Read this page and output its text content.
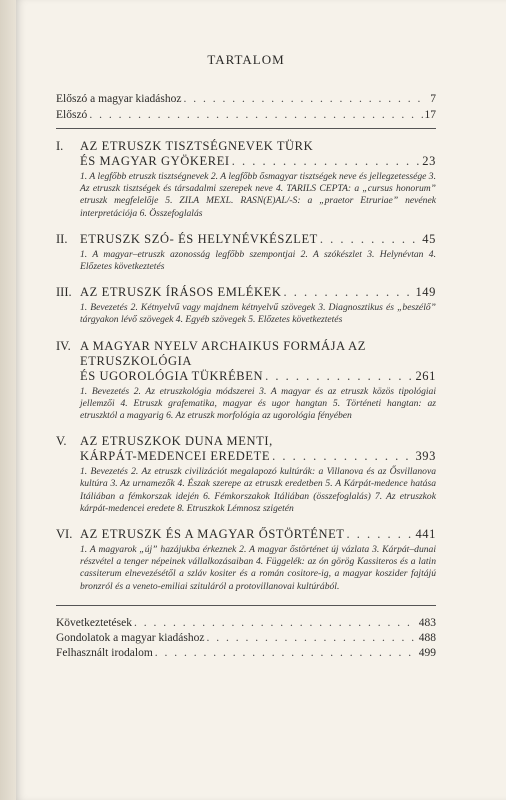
TARTALOM
Előszó a magyar kiadáshoz . . .	7
Előszó . . .	17
I.	AZ ETRUSZK TISZTSÉGNEVEK TÜRK
ÉS MAGYAR GYÖKEREI . . .	23
1. A legfőbb etruszk tisztségnevek 2. A legfőbb ősmagyar tisztségek neve és jellegzetessége 3. Az etruszk tisztségek és társadalmi szerepek neve 4. TARILS CEPTA: a „cursus honorum” etruszk megfelelője 5. ZILA MEXL. RASN(E)AL/-S: a „praetor Etruriae” nevének interpretációja 6. Összefoglalás
II.	ETRUSZK SZÓ- ÉS HELYNÉVKÉSZLET . . .	45
1. A magyar–etruszk azonosság legfőbb szempontjai 2. A szókészlet 3. Helynévtan 4. Előzetes következtetés
III. AZ ETRUSZK ÍRÁSOS EMLÉKEK . . .	149
1. Bevezetés 2. Kétnyelvű vagy majdnem kétnyelvű szövegek 3. Diagnosztikus és „beszélő” tárgyakon lévő szövegek 4. Egyéb szövegek 5. Előzetes következtetés
IV. A MAGYAR NYELV ARCHAIKUS FORMÁJA AZ
ETRUSZKOLÓGIA
ÉS UGOROLÓGIA TÜKRÉBEN . . .	261
1. Bevezetés 2. Az etruszkológia módszerei 3. A magyar és az etruszk közös tipológiai jellemzői 4. Etruszk grafematika, magyar és ugor hangtan 5. Történeti hangtan: az etruszktól a magyarig 6. Az etruszk morfológia az ugorológia fényében
V.	AZ ETRUSZKOK DUNA MENTI,
KÁRPÁT-MEDENCEI EREDETE . . .	393
1. Bevezetés 2. Az etruszk civilizációt megalapozó kultúrák: a Villanova és az Ősvillanova kultúra 3. Az urnamezők 4. Észak szerepe az etruszk eredetben 5. A Kárpát-medence hatása Itáliában a fémkorszak idején 6. Fémkorszakok Itáliában (összefoglalás) 7. Az etruszkok kárpát-medencei eredete 8. Etruszkok Lémnosz szigetén
VI. AZ ETRUSZK ÉS A MAGYAR ŐSTÖRTÉNET . . .	441
1. A magyarok „új” hazájukba érkeznek 2. A magyar őstörténet új vázlata 3. Kárpát–dunai részvétel a tenger népeinek vállalkozásaiban 4. Függelék: az ón görög Kassiteros és a latin cassiterum elnevezésétől a szláv kositer és a román cositore-ig, a magyar koszider fajtájú bronzról és a veneto-emiliai szituláról a protovillanovai kultúrából.
Következtetések . . .	483
Gondolatok a magyar kiadáshoz . . .	488
Felhasznált irodalom . . .	499
